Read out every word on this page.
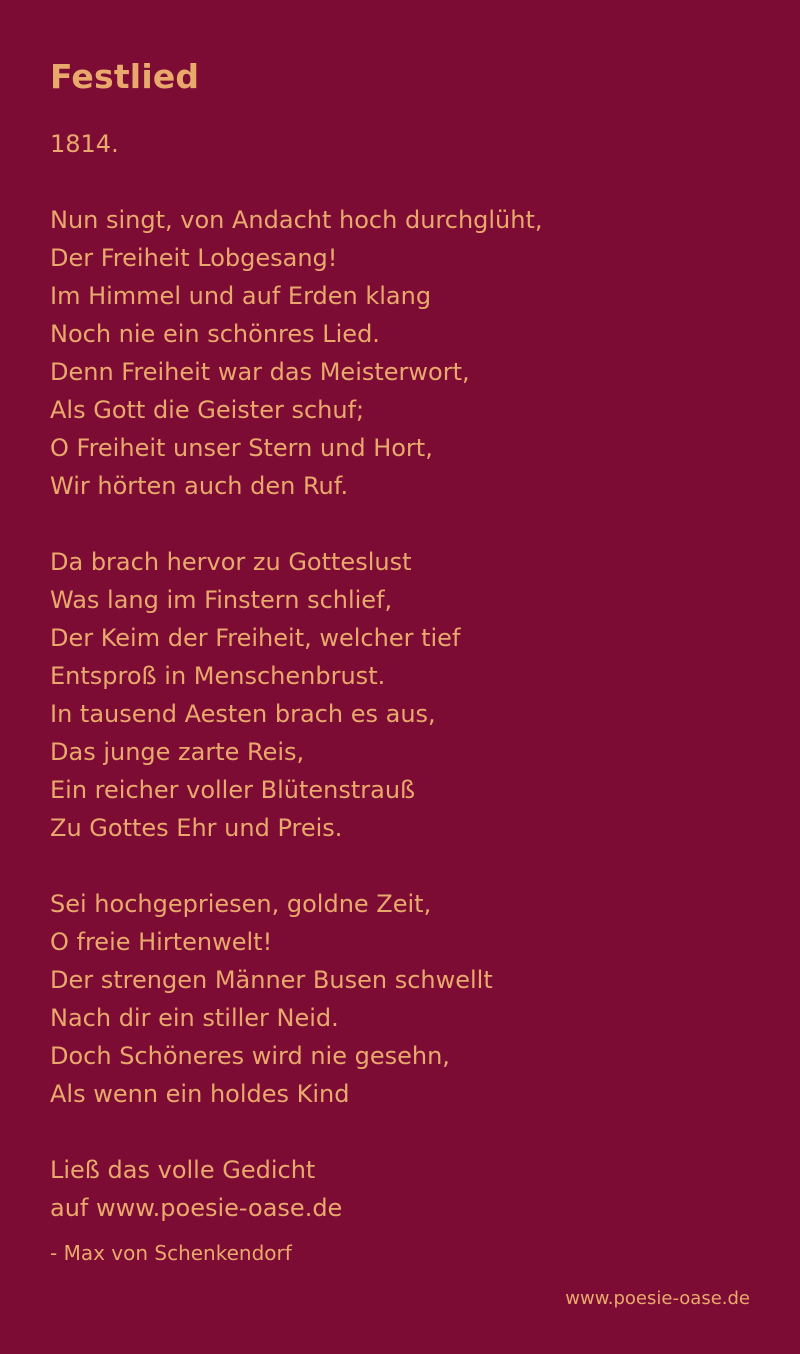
Festlied
1814.
Nun singt, von Andacht hoch durchglüht,
Der Freiheit Lobgesang!
Im Himmel und auf Erden klang
Noch nie ein schönres Lied.
Denn Freiheit war das Meisterwort,
Als Gott die Geister schuf;
O Freiheit unser Stern und Hort,
Wir hörten auch den Ruf.
Da brach hervor zu Gotteslust
Was lang im Finstern schlief,
Der Keim der Freiheit, welcher tief
Entsproß in Menschenbrust.
In tausend Aesten brach es aus,
Das junge zarte Reis,
Ein reicher voller Blütenstrauß
Zu Gottes Ehr und Preis.
Sei hochgepriesen, goldne Zeit,
O freie Hirtenwelt!
Der strengen Männer Busen schwellt
Nach dir ein stiller Neid.
Doch Schöneres wird nie gesehn,
Als wenn ein holdes Kind
Ließ das volle Gedicht
auf www.poesie-oase.de
- Max von Schenkendorf
www.poesie-oase.de
